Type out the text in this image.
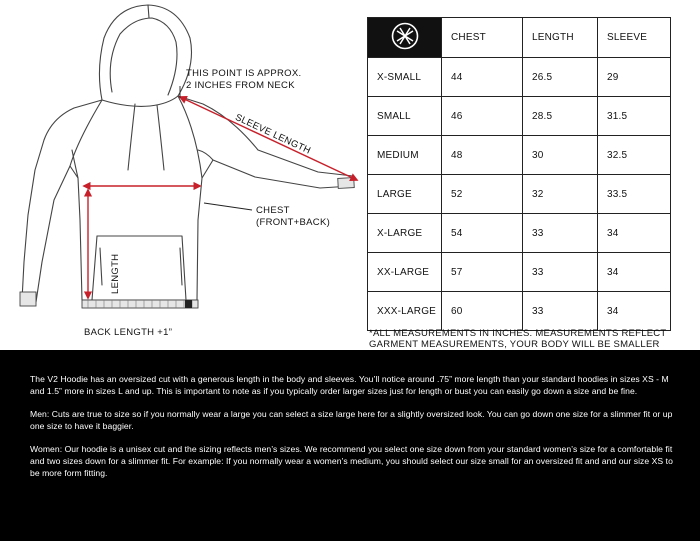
THIS POINT IS APPROX.
2 INCHES FROM NECK
SLEEVE LENGTH
CHEST
(FRONT+BACK)
LENGTH
BACK LENGTH +1”
	CHEST	LENGTH	SLEEVE
X-SMALL	44	26.5	29
SMALL	46	28.5	31.5
MEDIUM	48	30	32.5
LARGE	52	32	33.5
X-LARGE	54	33	34
XX-LARGE	57	33	34
XXX-LARGE	60	33	34
*ALL MEASUREMENTS IN INCHES. MEASUREMENTS REFLECT GARMENT MEASUREMENTS, YOUR BODY WILL BE SMALLER

The V2 Hoodie has an oversized cut with a generous length in the body and sleeves. You’ll notice around .75” more length than your standard hoodies in sizes XS - M and 1.5” more in sizes L and up. This is important to note as if you typically order larger sizes just for length or bust you can easily go down a size and be fine.

Men: Cuts are true to size so if you normally wear a large you can select a size large here for a slightly oversized look. You can go down one size for a slimmer fit or up one size to have it baggier.

Women: Our hoodie is a unisex cut and the sizing reflects men’s sizes. We recommend you select one size down from your standard women’s size for a comfortable fit and two sizes down for a slimmer fit. For example: If you normally wear a women’s medium, you should select our size small for an oversized fit and and our size XS to be more form fitting.
